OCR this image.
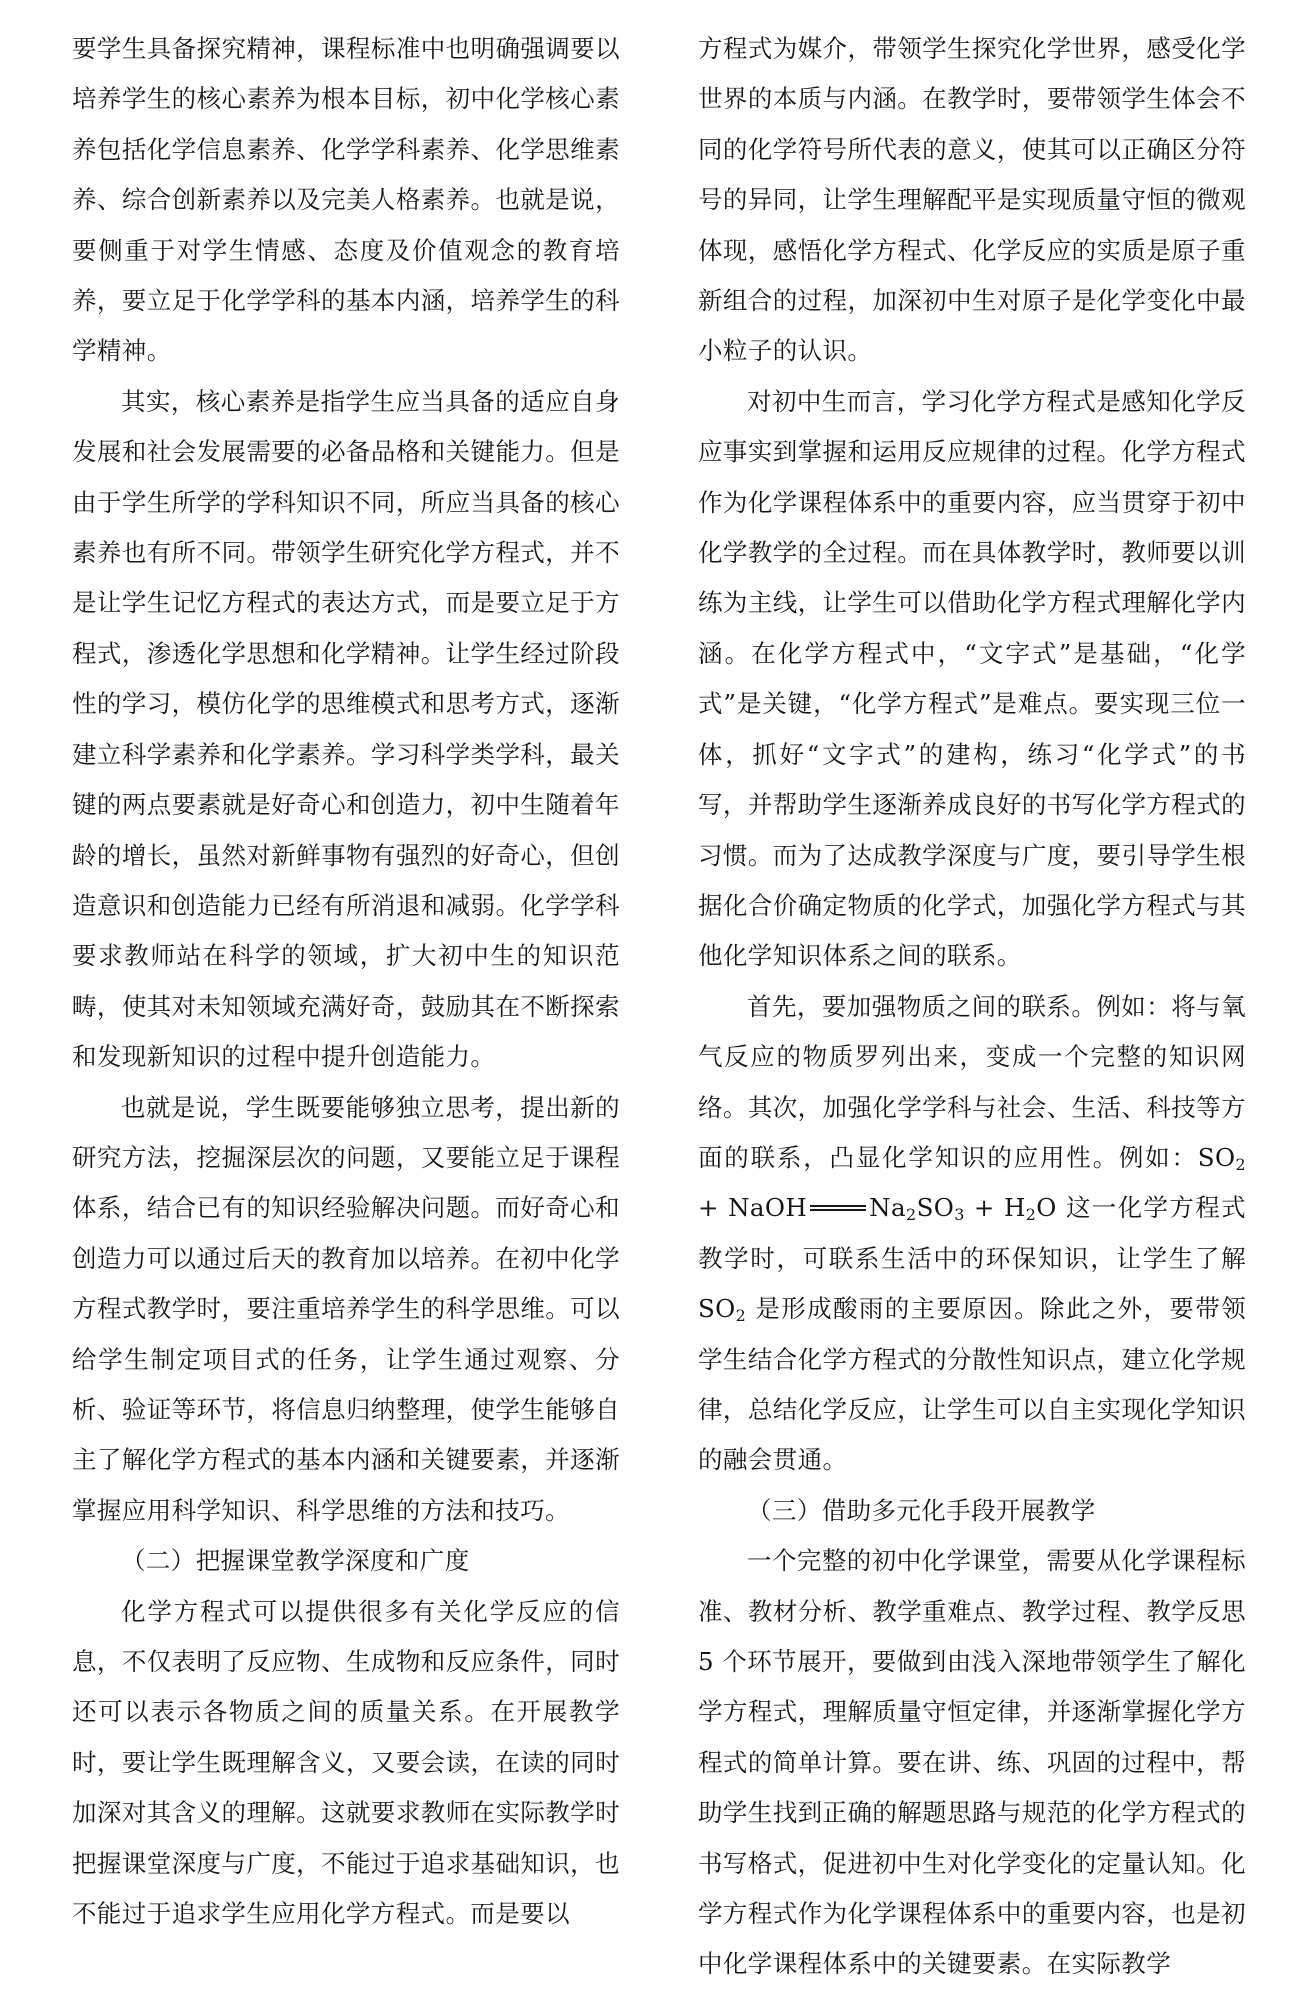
要学生具备探究精神，课程标准中也明确强调要以培养学生的核心素养为根本目标，初中化学核心素养包括化学信息素养、化学学科素养、化学思维素养、综合创新素养以及完美人格素养。也就是说，要侧重于对学生情感、态度及价值观念的教育培养，要立足于化学学科的基本内涵，培养学生的科学精神。

其实，核心素养是指学生应当具备的适应自身发展和社会发展需要的必备品格和关键能力。但是由于学生所学的学科知识不同，所应当具备的核心素养也有所不同。带领学生研究化学方程式，并不是让学生记忆方程式的表达方式，而是要立足于方程式，渗透化学思想和化学精神。让学生经过阶段性的学习，模仿化学的思维模式和思考方式，逐渐建立科学素养和化学素养。学习科学类学科，最关键的两点要素就是好奇心和创造力，初中生随着年龄的增长，虽然对新鲜事物有强烈的好奇心，但创造意识和创造能力已经有所消退和减弱。化学学科要求教师站在科学的领域，扩大初中生的知识范畴，使其对未知领域充满好奇，鼓励其在不断探索和发现新知识的过程中提升创造能力。

也就是说，学生既要能够独立思考，提出新的研究方法，挖掘深层次的问题，又要能立足于课程体系，结合已有的知识经验解决问题。而好奇心和创造力可以通过后天的教育加以培养。在初中化学方程式教学时，要注重培养学生的科学思维。可以给学生制定项目式的任务，让学生通过观察、分析、验证等环节，将信息归纳整理，使学生能够自主了解化学方程式的基本内涵和关键要素，并逐渐掌握应用科学知识、科学思维的方法和技巧。

（二）把握课堂教学深度和广度

化学方程式可以提供很多有关化学反应的信息，不仅表明了反应物、生成物和反应条件，同时还可以表示各物质之间的质量关系。在开展教学时，要让学生既理解含义，又要会读，在读的同时加深对其含义的理解。这就要求教师在实际教学时把握课堂深度与广度，不能过于追求基础知识，也不能过于追求学生应用化学方程式。而是要以

方程式为媒介，带领学生探究化学世界，感受化学世界的本质与内涵。在教学时，要带领学生体会不同的化学符号所代表的意义，使其可以正确区分符号的异同，让学生理解配平是实现质量守恒的微观体现，感悟化学方程式、化学反应的实质是原子重新组合的过程，加深初中生对原子是化学变化中最小粒子的认识。

对初中生而言，学习化学方程式是感知化学反应事实到掌握和运用反应规律的过程。化学方程式作为化学课程体系中的重要内容，应当贯穿于初中化学教学的全过程。而在具体教学时，教师要以训练为主线，让学生可以借助化学方程式理解化学内涵。在化学方程式中，“文字式”是基础，“化学式”是关键，“化学方程式”是难点。要实现三位一体，抓好“文字式”的建构，练习“化学式”的书写，并帮助学生逐渐养成良好的书写化学方程式的习惯。而为了达成教学深度与广度，要引导学生根据化合价确定物质的化学式，加强化学方程式与其他化学知识体系之间的联系。

首先，要加强物质之间的联系。例如：将与氧气反应的物质罗列出来，变成一个完整的知识网络。其次，加强化学学科与社会、生活、科技等方面的联系，凸显化学知识的应用性。例如：$SO_2$ + NaOH	$Na_2SO_3 + H_2O$ 这一化学方程式教学时，可联系生活中的环保知识，让学生了解 $SO_2$ 是形成酸雨的主要原因。除此之外，要带领学生结合化学方程式的分散性知识点，建立化学规律，总结化学反应，让学生可以自主实现化学知识的融会贯通。

（三）借助多元化手段开展教学

一个完整的初中化学课堂，需要从化学课程标准、教材分析、教学重难点、教学过程、教学反思 5 个环节展开，要做到由浅入深地带领学生了解化学方程式，理解质量守恒定律，并逐渐掌握化学方程式的简单计算。要在讲、练、巩固的过程中，帮助学生找到正确的解题思路与规范的化学方程式的书写格式，促进初中生对化学变化的定量认知。化学方程式作为化学课程体系中的重要内容，也是初中化学课程体系中的关键要素。在实际教学
